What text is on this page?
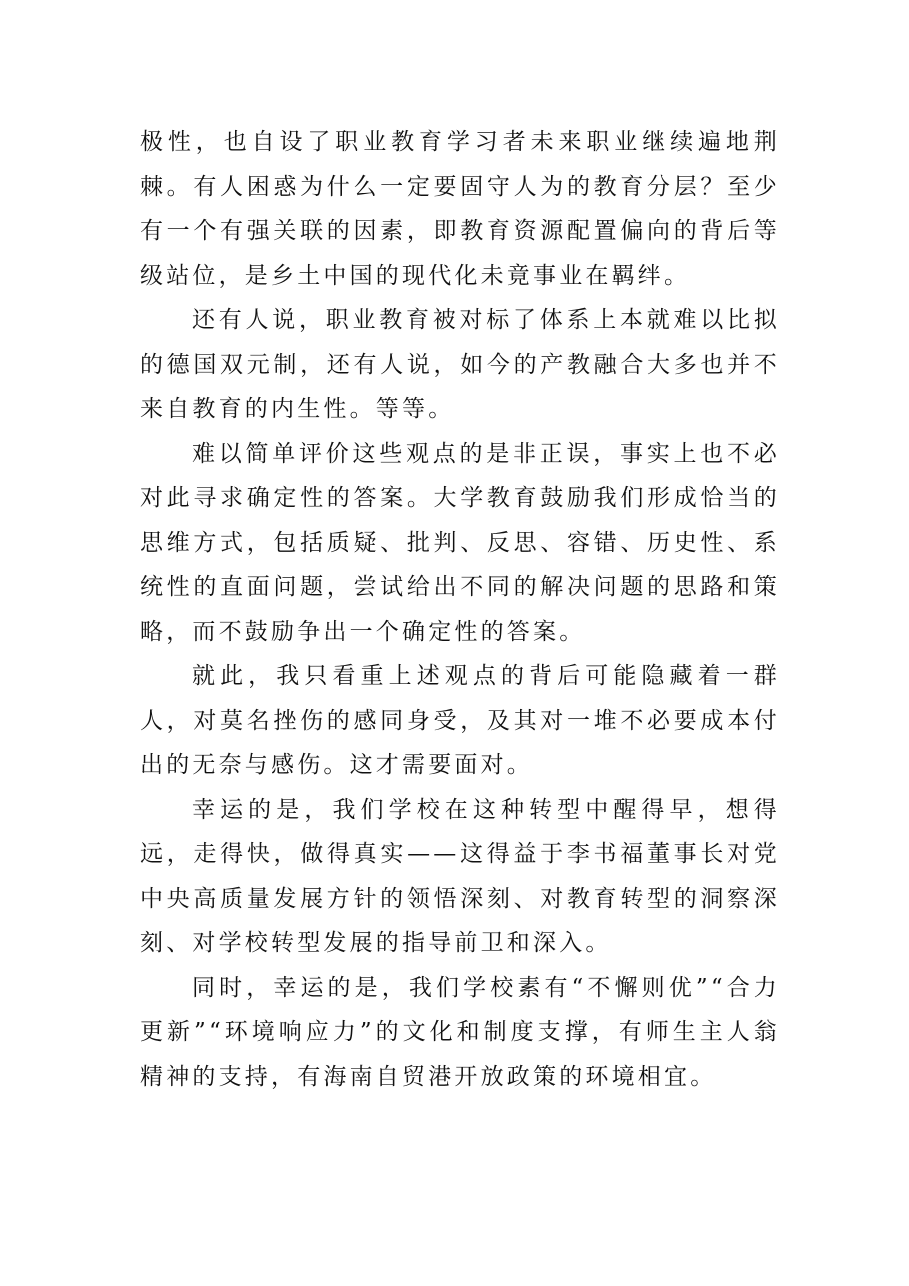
极性，也自设了职业教育学习者未来职业继续遍地荆棘。有人困惑为什么一定要固守人为的教育分层？至少有一个有强关联的因素，即教育资源配置偏向的背后等级站位，是乡土中国的现代化未竟事业在羁绊。

还有人说，职业教育被对标了体系上本就难以比拟的德国双元制，还有人说，如今的产教融合大多也并不来自教育的内生性。等等。

难以简单评价这些观点的是非正误，事实上也不必对此寻求确定性的答案。大学教育鼓励我们形成恰当的思维方式，包括质疑、批判、反思、容错、历史性、系统性的直面问题，尝试给出不同的解决问题的思路和策略，而不鼓励争出一个确定性的答案。

就此，我只看重上述观点的背后可能隐藏着一群人，对莫名挫伤的感同身受，及其对一堆不必要成本付出的无奈与感伤。这才需要面对。

幸运的是，我们学校在这种转型中醒得早，想得远，走得快，做得真实——这得益于李书福董事长对党中央高质量发展方针的领悟深刻、对教育转型的洞察深刻、对学校转型发展的指导前卫和深入。

同时，幸运的是，我们学校素有“不懈则优”“合力更新”“环境响应力”的文化和制度支撑，有师生主人翁精神的支持，有海南自贸港开放政策的环境相宜。
